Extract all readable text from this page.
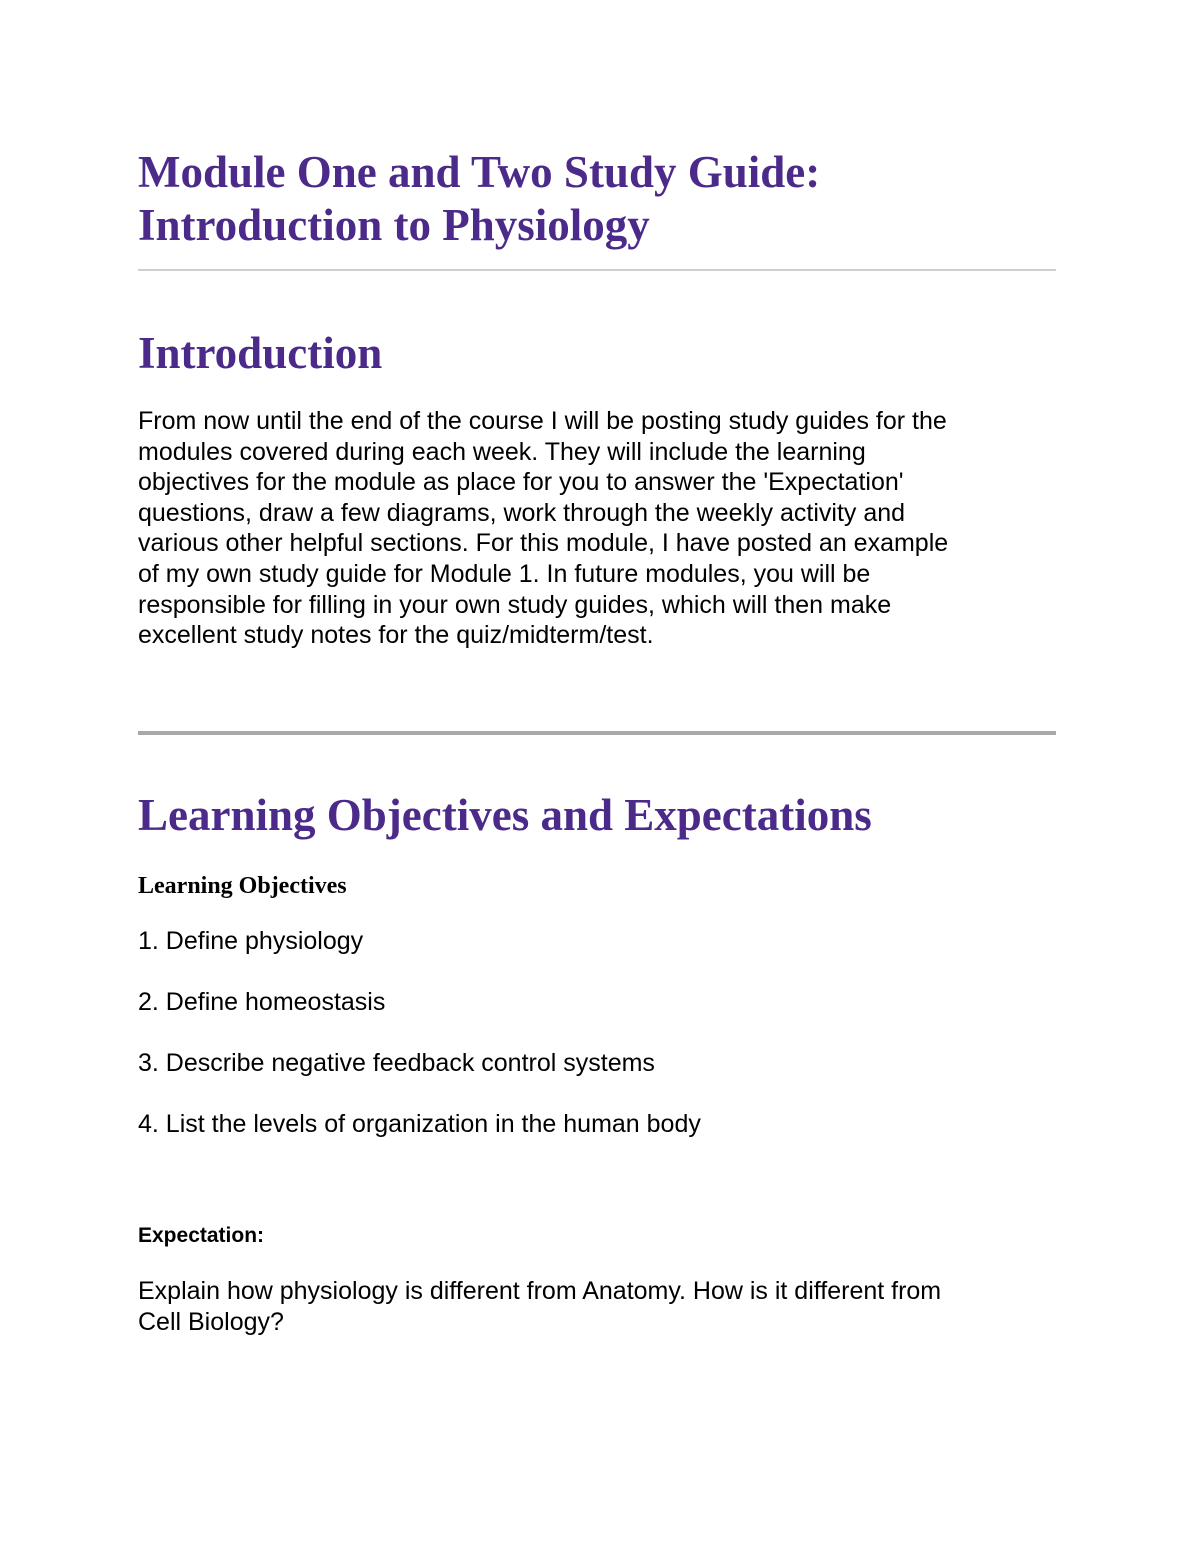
Module One and Two Study Guide:
Introduction to Physiology
Introduction
From now until the end of the course I will be posting study guides for the
modules covered during each week. They will include the learning
objectives for the module as place for you to answer the 'Expectation'
questions, draw a few diagrams, work through the weekly activity and
various other helpful sections. For this module, I have posted an example
of my own study guide for Module 1. In future modules, you will be
responsible for filling in your own study guides, which will then make
excellent study notes for the quiz/midterm/test.
Learning Objectives and Expectations
Learning Objectives
1. Define physiology
2. Define homeostasis
3. Describe negative feedback control systems
4. List the levels of organization in the human body
Expectation:
Explain how physiology is different from Anatomy. How is it different from
Cell Biology?
